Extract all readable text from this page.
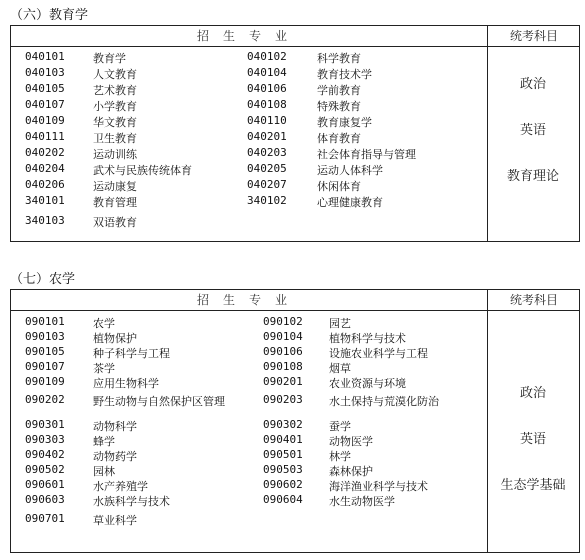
（六）教育学
招生专业	统考科目
040101	教育学	040102	科学教育
040103	人文教育	040104	教育技术学
040105	艺术教育	040106	学前教育
040107	小学教育	040108	特殊教育
040109	华文教育	040110	教育康复学
040111	卫生教育	040201	体育教育
040202	运动训练	040203	社会体育指导与管理
040204	武术与民族传统体育	040205	运动人体科学
040206	运动康复	040207	休闲体育
340101	教育管理	340102	心理健康教育
340103	双语教育
政治
英语
教育理论
（七）农学
招生专业	统考科目
090101	农学	090102 园艺
090103	植物保护	090104 植物科学与技术
090105	种子科学与工程	090106 设施农业科学与工程
090107	茶学	090108 烟草
090109	应用生物科学	090201 农业资源与环境
090202	野生动物与自然保护区管理	090203 水土保持与荒漠化防治
090301	动物科学	090302 蚕学
090303	蜂学	090401 动物医学
090402	动物药学	090501 林学
090502	园林	090503 森林保护
090601	水产养殖学	090602 海洋渔业科学与技术
090603	水族科学与技术	090604 水生动物医学
090701	草业科学
政治
英语
生态学基础
